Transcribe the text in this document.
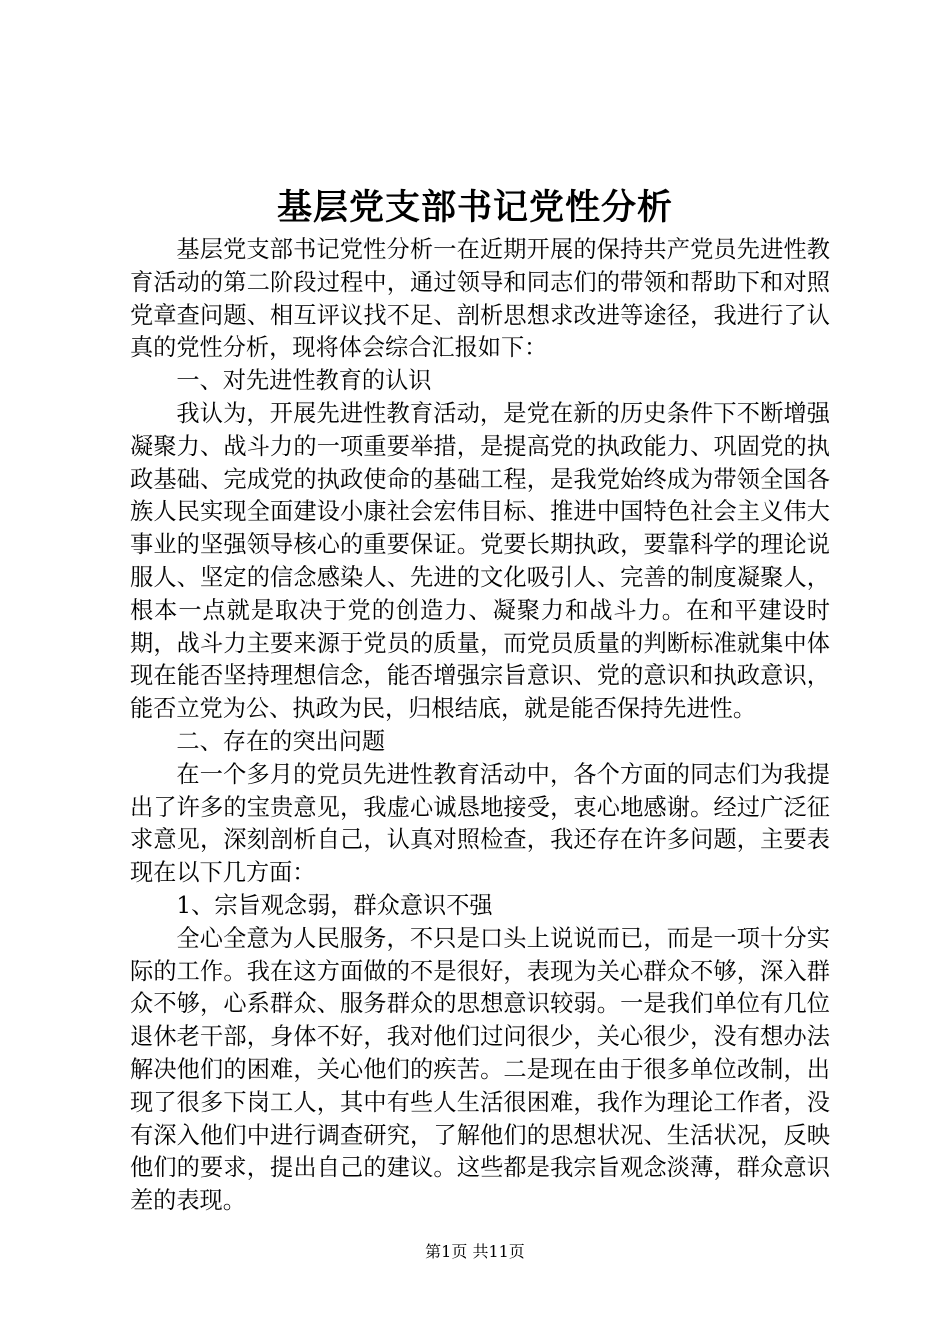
基层党支部书记党性分析

基层党支部书记党性分析一在近期开展的保持共产党员先进性教育活动的第二阶段过程中，通过领导和同志们的带领和帮助下和对照党章查问题、相互评议找不足、剖析思想求改进等途径，我进行了认真的党性分析，现将体会综合汇报如下：

一、对先进性教育的认识

我认为，开展先进性教育活动，是党在新的历史条件下不断增强凝聚力、战斗力的一项重要举措，是提高党的执政能力、巩固党的执政基础、完成党的执政使命的基础工程，是我党始终成为带领全国各族人民实现全面建设小康社会宏伟目标、推进中国特色社会主义伟大事业的坚强领导核心的重要保证。党要长期执政，要靠科学的理论说服人、坚定的信念感染人、先进的文化吸引人、完善的制度凝聚人，根本一点就是取决于党的创造力、凝聚力和战斗力。在和平建设时期，战斗力主要来源于党员的质量，而党员质量的判断标准就集中体现在能否坚持理想信念，能否增强宗旨意识、党的意识和执政意识，能否立党为公、执政为民，归根结底，就是能否保持先进性。

二、存在的突出问题

在一个多月的党员先进性教育活动中，各个方面的同志们为我提出了许多的宝贵意见，我虚心诚恳地接受，衷心地感谢。经过广泛征求意见，深刻剖析自己，认真对照检查，我还存在许多问题，主要表现在以下几方面：

1、宗旨观念弱，群众意识不强

全心全意为人民服务，不只是口头上说说而已，而是一项十分实际的工作。我在这方面做的不是很好，表现为关心群众不够，深入群众不够，心系群众、服务群众的思想意识较弱。一是我们单位有几位退休老干部，身体不好，我对他们过问很少，关心很少，没有想办法解决他们的困难，关心他们的疾苦。二是现在由于很多单位改制，出现了很多下岗工人，其中有些人生活很困难，我作为理论工作者，没有深入他们中进行调查研究，了解他们的思想状况、生活状况，反映他们的要求，提出自己的建议。这些都是我宗旨观念淡薄，群众意识差的表现。

第1页 共11页
